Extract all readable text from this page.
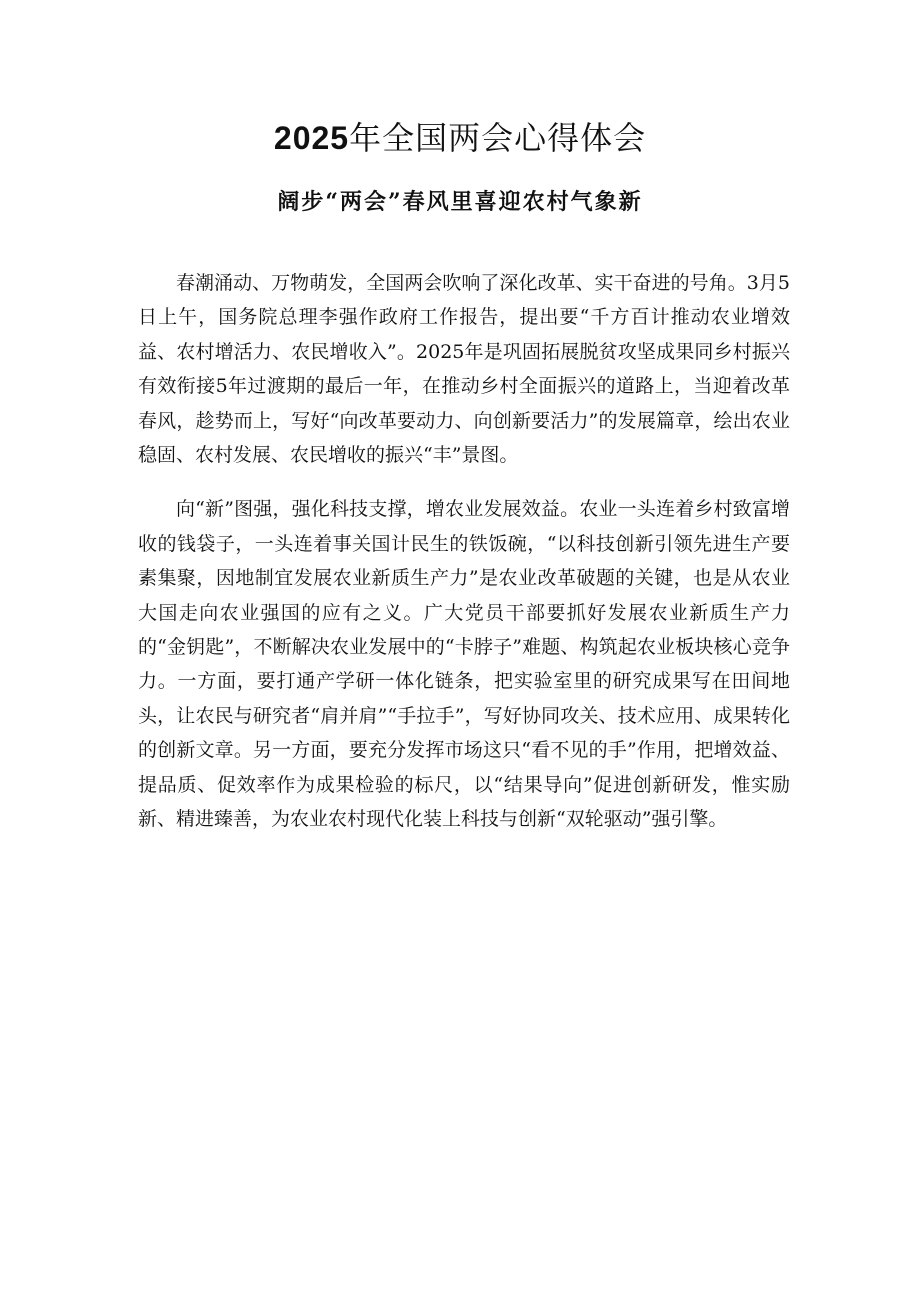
2025年全国两会心得体会
阔步“两会”春风里喜迎农村气象新

春潮涌动、万物萌发，全国两会吹响了深化改革、实干奋进的号角。3月5日上午，国务院总理李强作政府工作报告，提出要“千方百计推动农业增效益、农村增活力、农民增收入”。2025年是巩固拓展脱贫攻坚成果同乡村振兴有效衔接5年过渡期的最后一年，在推动乡村全面振兴的道路上，当迎着改革春风，趁势而上，写好“向改革要动力、向创新要活力”的发展篇章，绘出农业稳固、农村发展、农民增收的振兴“丰”景图。

向“新”图强，强化科技支撑，增农业发展效益。农业一头连着乡村致富增收的钱袋子，一头连着事关国计民生的铁饭碗，“以科技创新引领先进生产要素集聚，因地制宜发展农业新质生产力”是农业改革破题的关键，也是从农业大国走向农业强国的应有之义。广大党员干部要抓好发展农业新质生产力的“金钥匙”，不断解决农业发展中的“卡脖子”难题、构筑起农业板块核心竞争力。一方面，要打通产学研一体化链条，把实验室里的研究成果写在田间地头，让农民与研究者“肩并肩”“手拉手”，写好协同攻关、技术应用、成果转化的创新文章。另一方面，要充分发挥市场这只“看不见的手”作用，把增效益、提品质、促效率作为成果检验的标尺，以“结果导向”促进创新研发，惟实励新、精进臻善，为农业农村现代化装上科技与创新“双轮驱动”强引擎。
